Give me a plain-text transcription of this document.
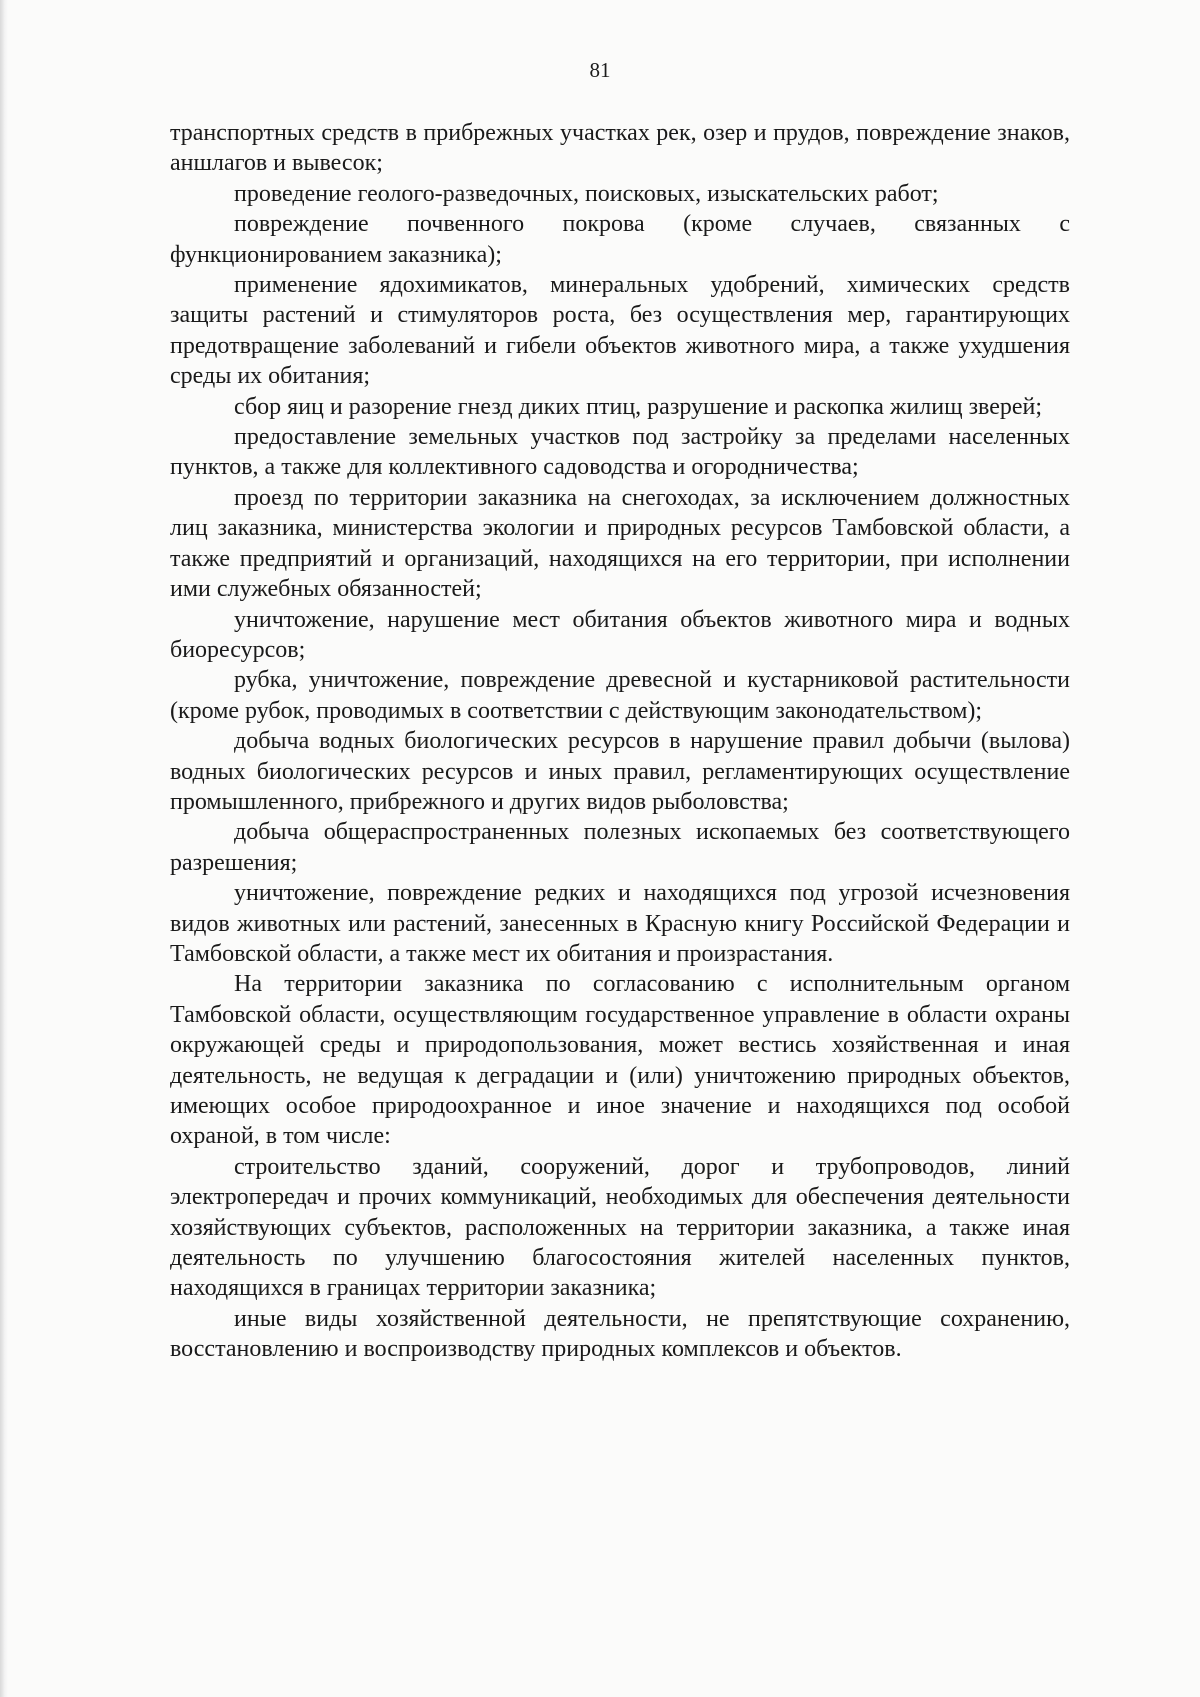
81

транспортных средств в прибрежных участках рек, озер и прудов, повреждение знаков, аншлагов и вывесок;

проведение геолого-разведочных, поисковых, изыскательских работ;

повреждение почвенного покрова (кроме случаев, связанных с функционированием заказника);

применение ядохимикатов, минеральных удобрений, химических средств защиты растений и стимуляторов роста, без осуществления мер, гарантирующих предотвращение заболеваний и гибели объектов животного мира, а также ухудшения среды их обитания;

сбор яиц и разорение гнезд диких птиц, разрушение и раскопка жилищ зверей;

предоставление земельных участков под застройку за пределами населенных пунктов, а также для коллективного садоводства и огородничества;

проезд по территории заказника на снегоходах, за исключением должностных лиц заказника, министерства экологии и природных ресурсов Тамбовской области, а также предприятий и организаций, находящихся на его территории, при исполнении ими служебных обязанностей;

уничтожение, нарушение мест обитания объектов животного мира и водных биоресурсов;

рубка, уничтожение, повреждение древесной и кустарниковой растительности (кроме рубок, проводимых в соответствии с действующим законодательством);

добыча водных биологических ресурсов в нарушение правил добычи (вылова) водных биологических ресурсов и иных правил, регламентирующих осуществление промышленного, прибрежного и других видов рыболовства;

добыча общераспространенных полезных ископаемых без соответствующего разрешения;

уничтожение, повреждение редких и находящихся под угрозой исчезновения видов животных или растений, занесенных в Красную книгу Российской Федерации и Тамбовской области, а также мест их обитания и произрастания.

На территории заказника по согласованию с исполнительным органом Тамбовской области, осуществляющим государственное управление в области охраны окружающей среды и природопользования, может вестись хозяйственная и иная деятельность, не ведущая к деградации и (или) уничтожению природных объектов, имеющих особое природоохранное и иное значение и находящихся под особой охраной, в том числе:

строительство зданий, сооружений, дорог и трубопроводов, линий электропередач и прочих коммуникаций, необходимых для обеспечения деятельности хозяйствующих субъектов, расположенных на территории заказника, а также иная деятельность по улучшению благосостояния жителей населенных пунктов, находящихся в границах территории заказника;

иные виды хозяйственной деятельности, не препятствующие сохранению, восстановлению и воспроизводству природных комплексов и объектов.
